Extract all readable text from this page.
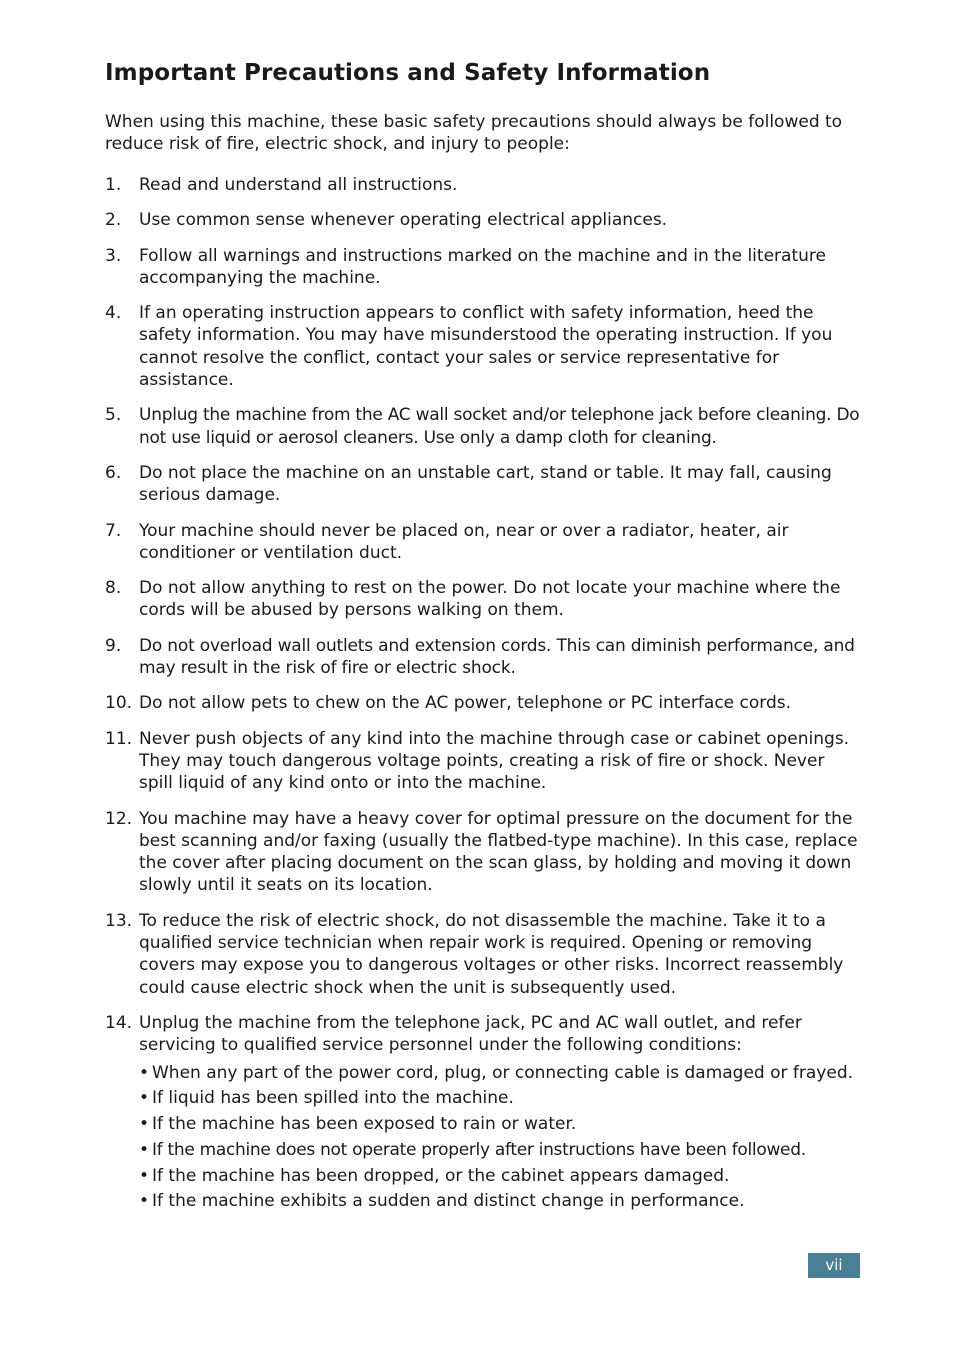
Important Precautions and Safety Information

When using this machine, these basic safety precautions should always be followed to reduce risk of fire, electric shock, and injury to people:

1. Read and understand all instructions.
2. Use common sense whenever operating electrical appliances.
3. Follow all warnings and instructions marked on the machine and in the literature accompanying the machine.
4. If an operating instruction appears to conflict with safety information, heed the safety information. You may have misunderstood the operating instruction. If you cannot resolve the conflict, contact your sales or service representative for assistance.
5. Unplug the machine from the AC wall socket and/or telephone jack before cleaning. Do not use liquid or aerosol cleaners. Use only a damp cloth for cleaning.
6. Do not place the machine on an unstable cart, stand or table. It may fall, causing serious damage.
7. Your machine should never be placed on, near or over a radiator, heater, air conditioner or ventilation duct.
8. Do not allow anything to rest on the power. Do not locate your machine where the cords will be abused by persons walking on them.
9. Do not overload wall outlets and extension cords. This can diminish performance, and may result in the risk of fire or electric shock.
10. Do not allow pets to chew on the AC power, telephone or PC interface cords.
11. Never push objects of any kind into the machine through case or cabinet openings. They may touch dangerous voltage points, creating a risk of fire or shock. Never spill liquid of any kind onto or into the machine.
12. You machine may have a heavy cover for optimal pressure on the document for the best scanning and/or faxing (usually the flatbed-type machine). In this case, replace the cover after placing document on the scan glass, by holding and moving it down slowly until it seats on its location.
13. To reduce the risk of electric shock, do not disassemble the machine. Take it to a qualified service technician when repair work is required. Opening or removing covers may expose you to dangerous voltages or other risks. Incorrect reassembly could cause electric shock when the unit is subsequently used.
14. Unplug the machine from the telephone jack, PC and AC wall outlet, and refer servicing to qualified service personnel under the following conditions:
• When any part of the power cord, plug, or connecting cable is damaged or frayed.
• If liquid has been spilled into the machine.
• If the machine has been exposed to rain or water.
• If the machine does not operate properly after instructions have been followed.
• If the machine has been dropped, or the cabinet appears damaged.
• If the machine exhibits a sudden and distinct change in performance.
vii
